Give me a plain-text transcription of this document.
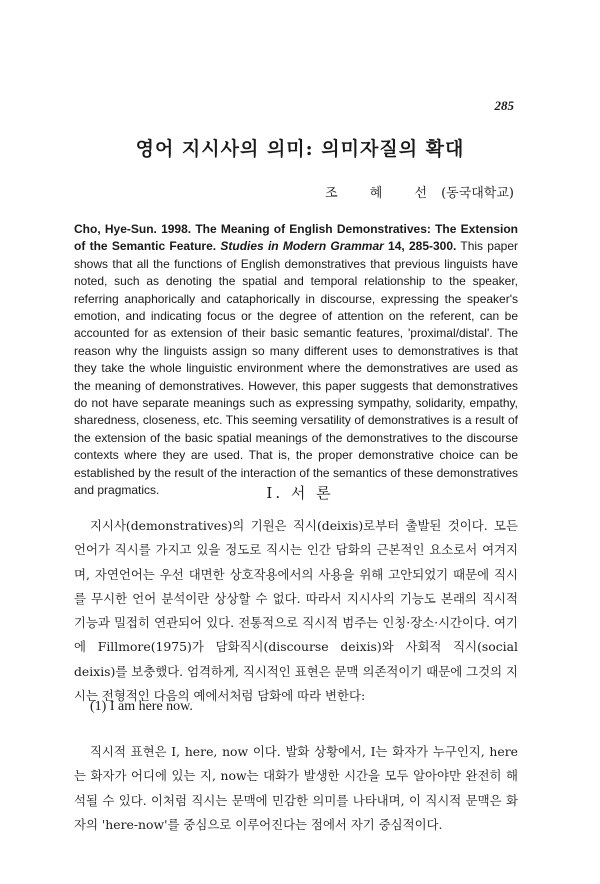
285
영어 지시사의 의미: 의미자질의 확대
조 혜 선(동국대학교)
Cho, Hye-Sun. 1998. The Meaning of English Demonstratives: The Extension of the Semantic Feature. Studies in Modern Grammar 14, 285-300. This paper shows that all the functions of English demonstratives that previous linguists have noted, such as denoting the spatial and temporal relationship to the speaker, referring anaphorically and cataphorically in discourse, expressing the speaker's emotion, and indicating focus or the degree of attention on the referent, can be accounted for as extension of their basic semantic features, 'proximal/distal'. The reason why the linguists assign so many different uses to demonstratives is that they take the whole linguistic environment where the demonstratives are used as the meaning of demonstratives. However, this paper suggests that demonstratives do not have separate meanings such as expressing sympathy, solidarity, empathy, sharedness, closeness, etc. This seeming versatility of demonstratives is a result of the extension of the basic spatial meanings of the demonstratives to the discourse contexts where they are used. That is, the proper demonstrative choice can be established by the result of the interaction of the semantics of these demonstratives and pragmatics.	I. 서 론
지시사(demonstratives)의 기원은 직시(deixis)로부터 출발된 것이다. 모든 언어가 직시를 가지고 있을 정도로 직시는 인간 담화의 근본적인 요소로서 여겨지며, 자연언어는 우선 대면한 상호작용에서의 사용을 위해 고안되었기 때문에 직시를 무시한 언어 분석이란 상상할 수 없다. 따라서 지시사의 기능도 본래의 직시적 기능과 밀접히 연관되어 있다. 전통적으로 직시적 범주는 인칭·장소·시간이다. 여기에 Fillmore(1975)가 담화직시(discourse deixis)와 사회적 직시(social deixis)를 보충했다. 엄격하게, 직시적인 표현은 문맥 의존적이기 때문에 그것의 지시는 전형적인 다음의 예에서처럼 담화에 따라 변한다:
(1) I am here now.
직시적 표현은 I, here, now 이다. 발화 상황에서, I는 화자가 누구인지, here는 화자가 어디에 있는 지, now는 대화가 발생한 시간을 모두 알아야만 완전히 해석될 수 있다. 이처럼 직시는 문맥에 민감한 의미를 나타내며, 이 직시적 문맥은 화자의 'here-now'를 중심으로 이루어진다는 점에서 자기 중심적이다.
